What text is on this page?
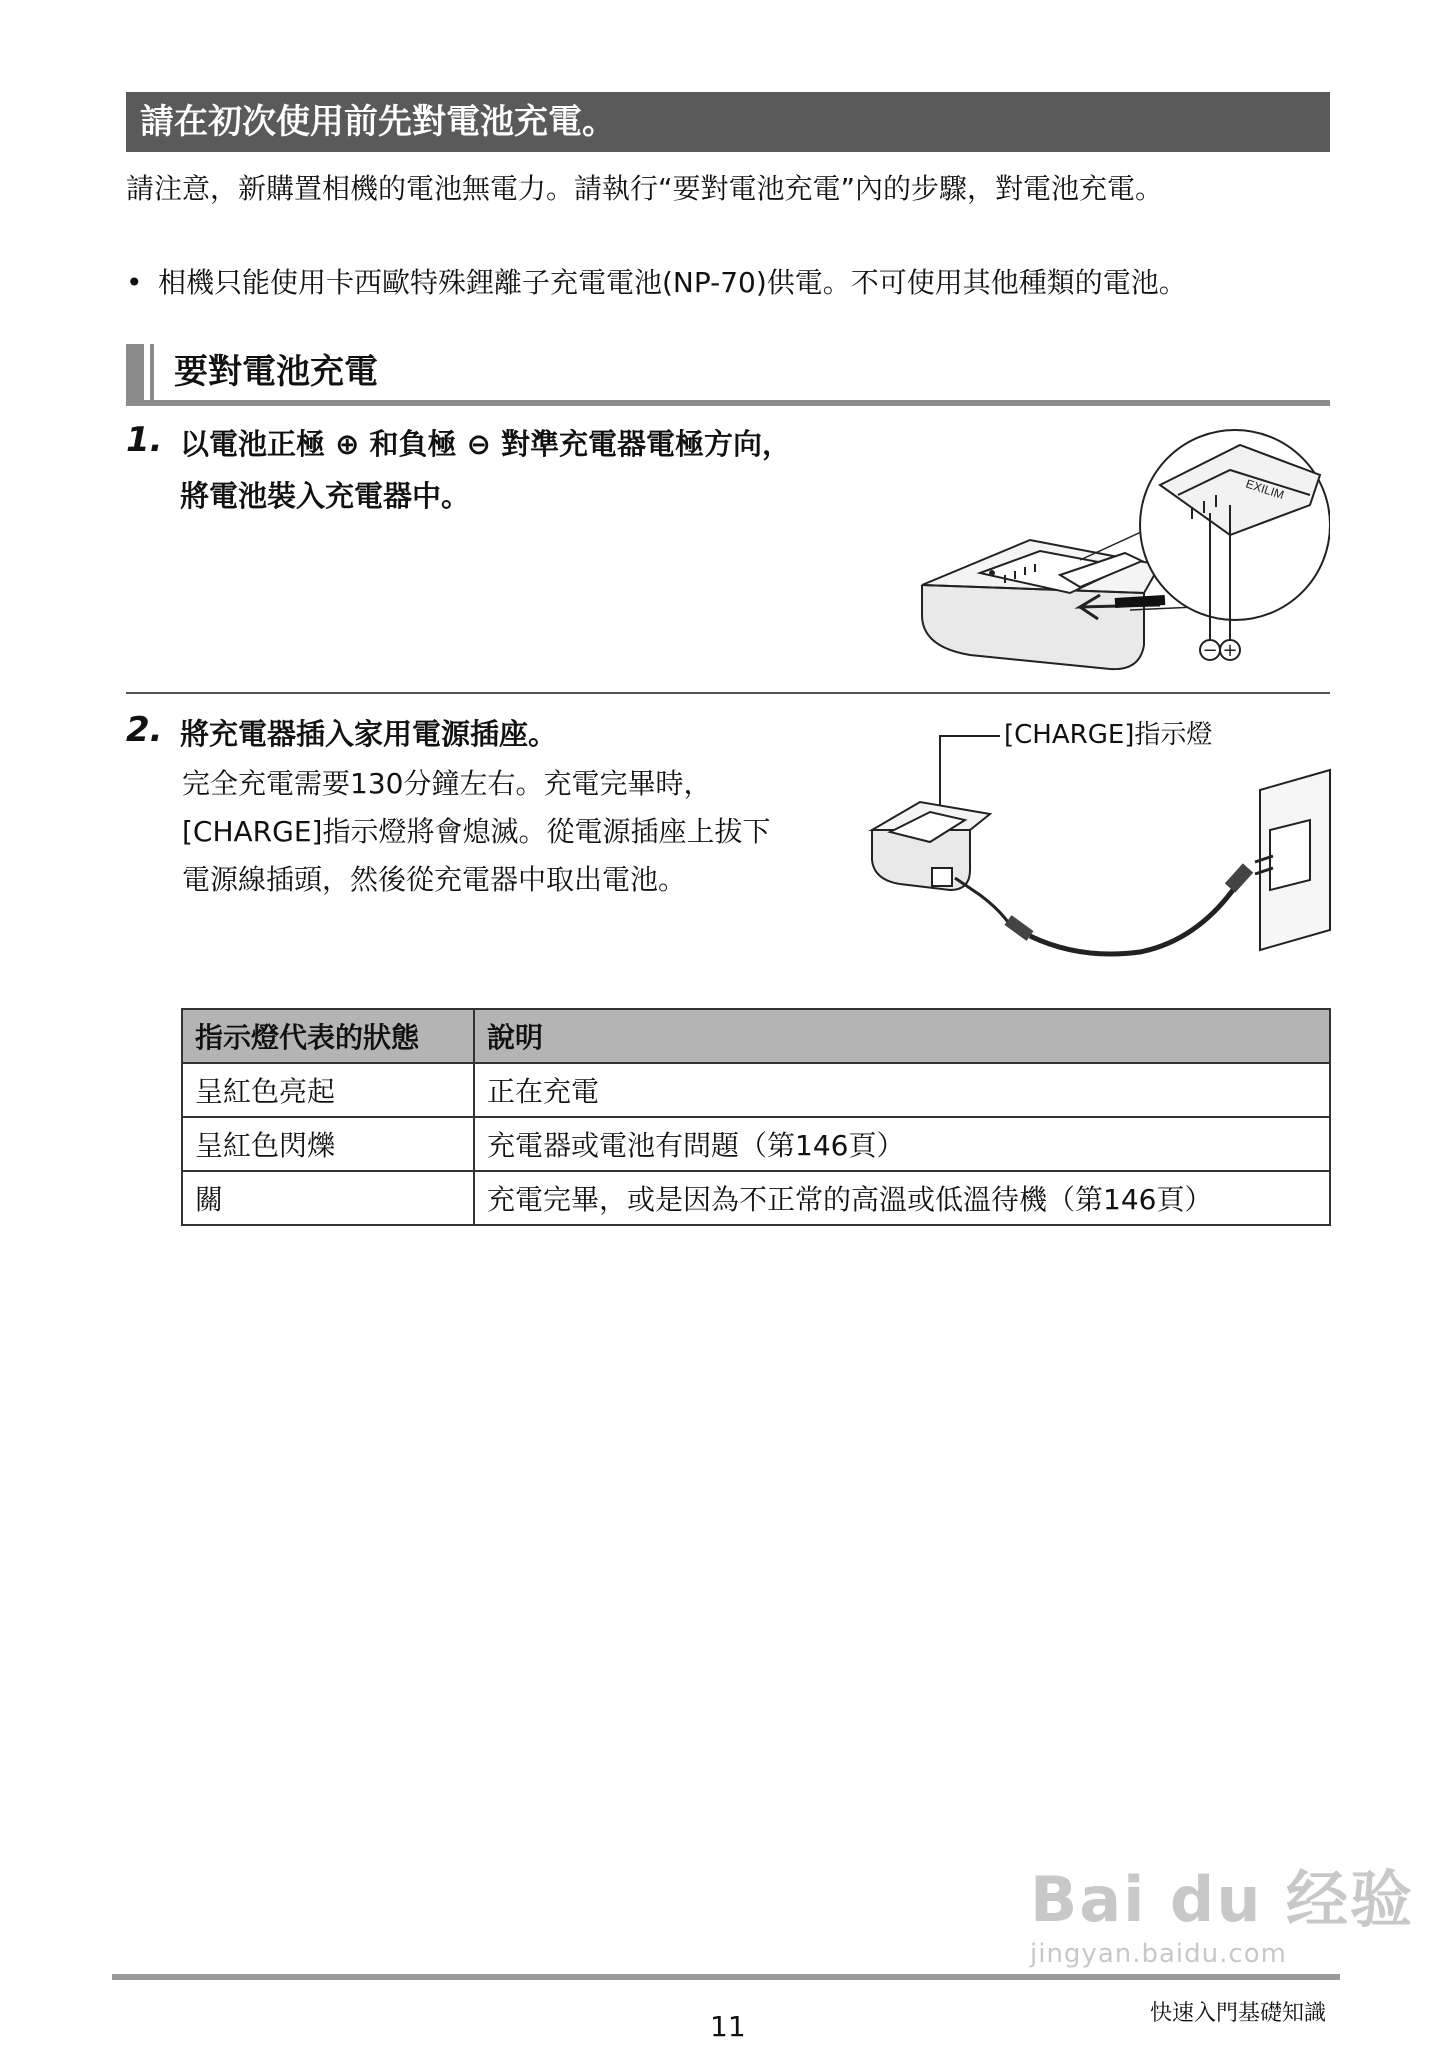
請在初次使用前先對電池充電。
請注意，新購置相機的電池無電力。請執行“要對電池充電”內的步驟，對電池充電。
• 相機只能使用卡西歐特殊鋰離子充電電池(NP-70)供電。不可使用其他種類的電池。
要對電池充電
1. 以電池正極 ⊕ 和負極 ⊖ 對準充電器電極方向，
將電池裝入充電器中。	EXILIM
− +
2. 將充電器插入家用電源插座。
完全充電需要130分鐘左右。充電完畢時，
[CHARGE]指示燈將會熄滅。從電源插座上拔下
電源線插頭，然後從充電器中取出電池。
[CHARGE]指示燈
指示燈代表的狀態	說明
呈紅色亮起	正在充電
呈紅色閃爍	充電器或電池有問題（第146頁）
關	充電完畢，或是因為不正常的高溫或低溫待機（第146頁）
Bai du 经验
jingyan.baidu.com
11	快速入門基礎知識
